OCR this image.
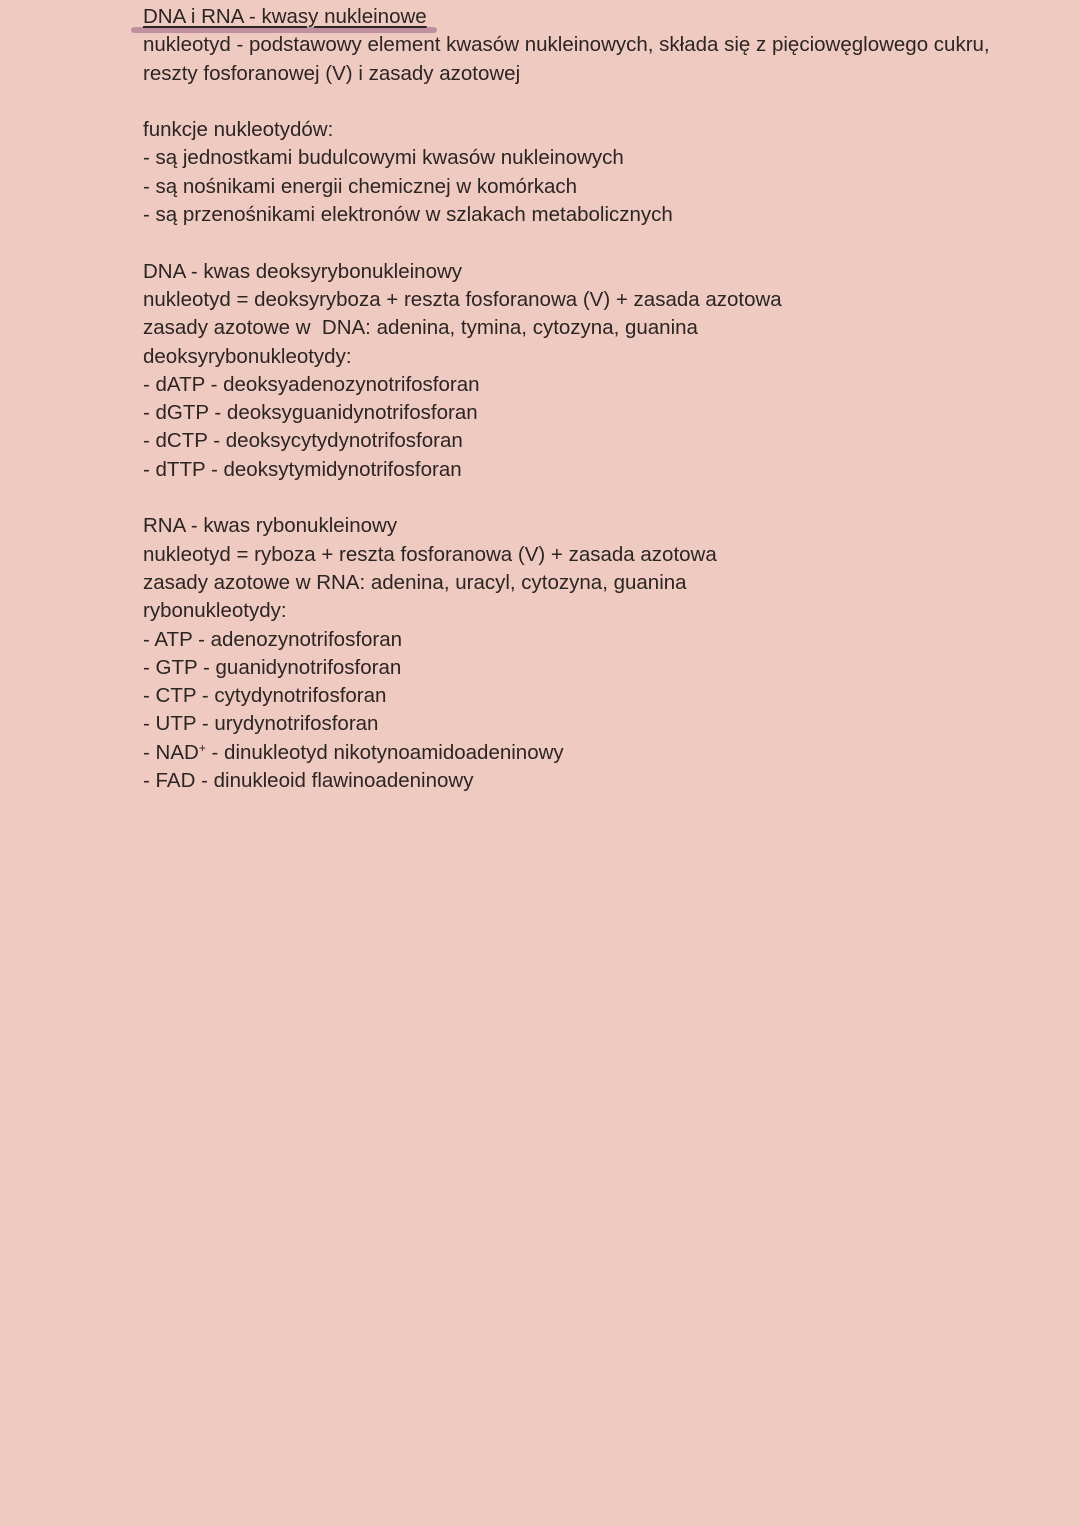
DNA i RNA - kwasy nukleinowe
nukleotyd - podstawowy element kwasów nukleinowych, składa się z pięciowęglowego cukru,
reszty fosforanowej (V) i zasady azotowej
funkcje nukleotydów:
- są jednostkami budulcowymi kwasów nukleinowych
- są nośnikami energii chemicznej w komórkach
- są przenośnikami elektronów w szlakach metabolicznych
DNA - kwas deoksyrybonukleinowy
nukleotyd = deoksyryboza + reszta fosforanowa (V) + zasada azotowa
zasady azotowe w  DNA: adenina, tymina, cytozyna, guanina
deoksyrybonukleotydy:
- dATP - deoksyadenozynotrifosforan
- dGTP - deoksyguanidynotrifosforan
- dCTP - deoksycytydynotrifosforan
- dTTP - deoksytymidynotrifosforan
RNA - kwas rybonukleinowy
nukleotyd = ryboza + reszta fosforanowa (V) + zasada azotowa
zasady azotowe w RNA: adenina, uracyl, cytozyna, guanina
rybonukleotydy:
- ATP - adenozynotrifosforan
- GTP - guanidynotrifosforan
- CTP - cytydynotrifosforan
- UTP - urydynotrifosforan
- NAD+ - dinukleotyd nikotynoamidoadeninowy
- FAD - dinukleoid flawinoadeninowy
